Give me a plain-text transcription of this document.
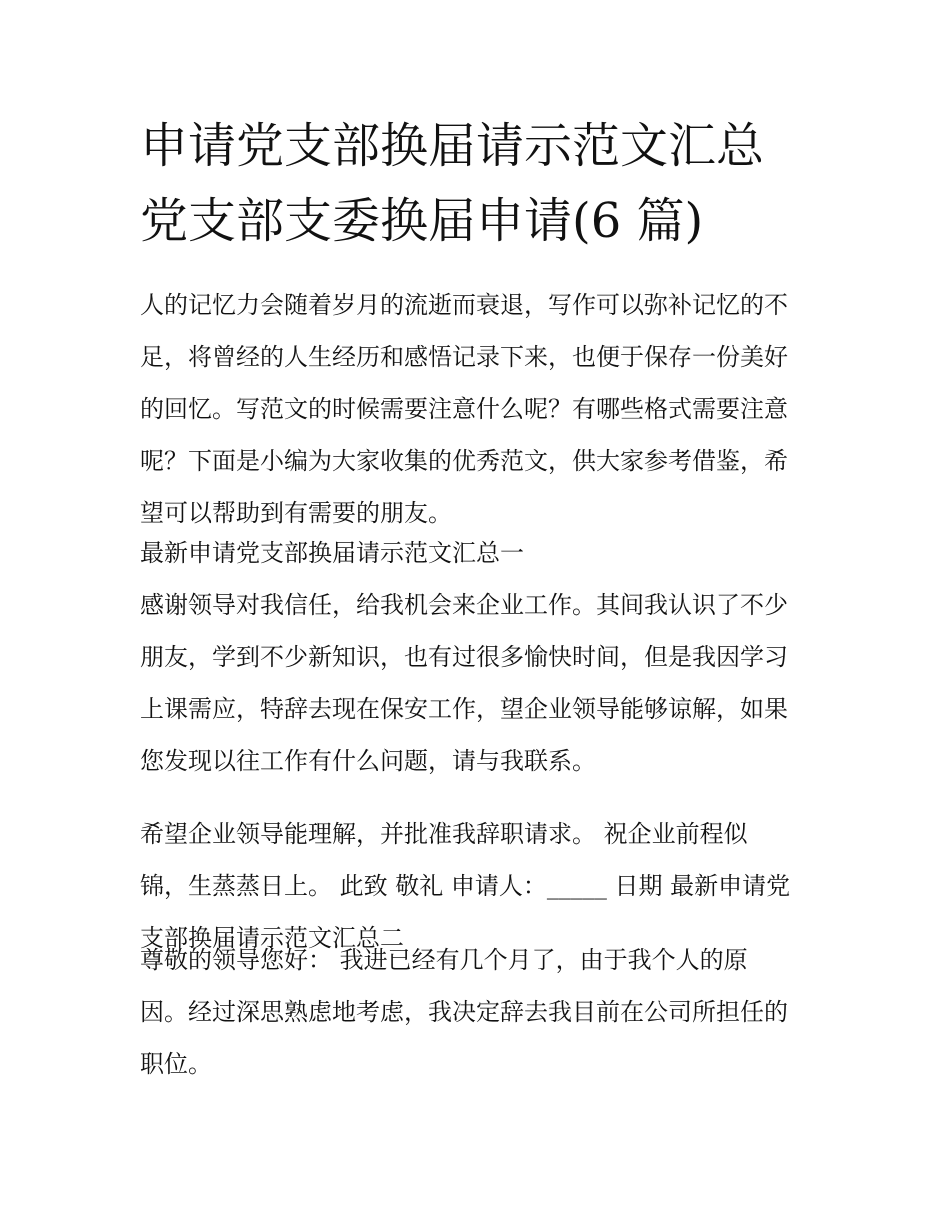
申请党支部换届请示范文汇总
党支部支委换届申请(6 篇)
人的记忆力会随着岁月的流逝而衰退，写作可以弥补记忆的不
足，将曾经的人生经历和感悟记录下来，也便于保存一份美好
的回忆。写范文的时候需要注意什么呢？有哪些格式需要注意
呢？下面是小编为大家收集的优秀范文，供大家参考借鉴，希
望可以帮助到有需要的朋友。
最新申请党支部换届请示范文汇总一
感谢领导对我信任，给我机会来企业工作。其间我认识了不少
朋友，学到不少新知识，也有过很多愉快时间，但是我因学习
上课需应，特辞去现在保安工作，望企业领导能够谅解，如果
您发现以往工作有什么问题，请与我联系。
希望企业领导能理解，并批准我辞职请求。 祝企业前程似
锦，生蒸蒸日上。 此致 敬礼 申请人：_____ 日期 最新申请党
支部换届请示范文汇总二
尊敬的领导您好： 我进已经有几个月了，由于我个人的原
因。经过深思熟虑地考虑，我决定辞去我目前在公司所担任的
职位。
